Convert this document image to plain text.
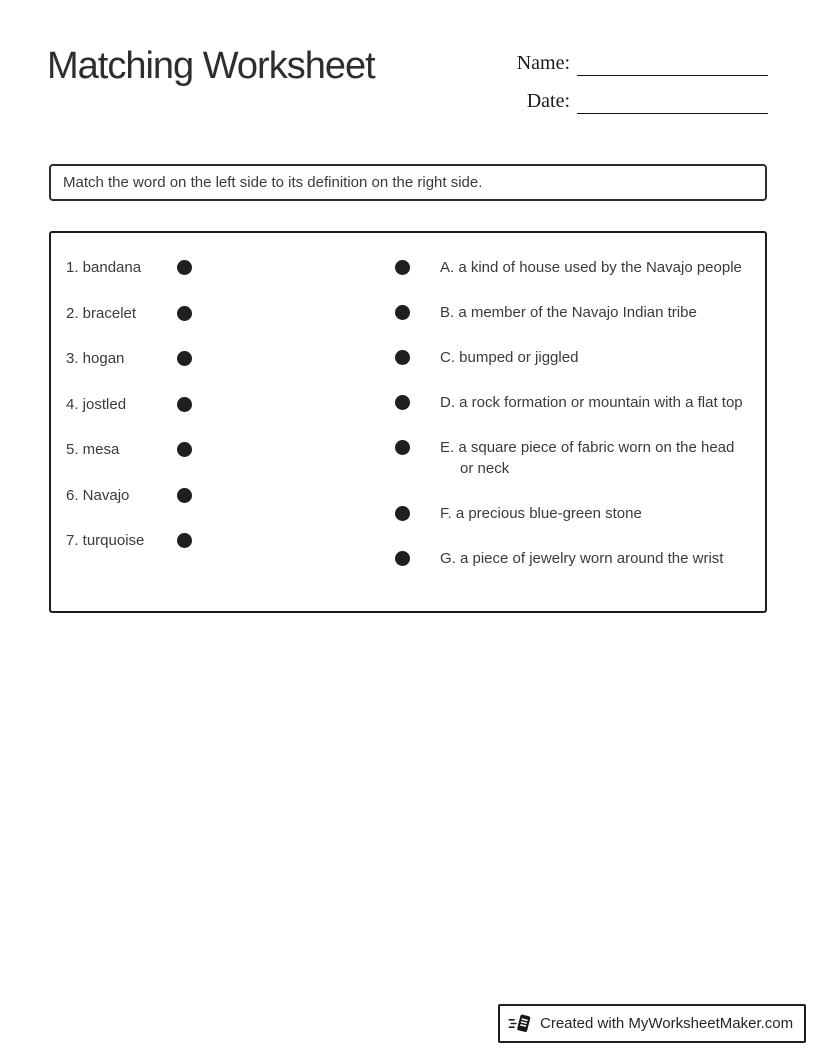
Matching Worksheet	Name:
Date:
Match the word on the left side to its definition on the right side.
1. bandana
2. bracelet
3. hogan
4. jostled
5. mesa
6. Navajo
7. turquoise
A. a kind of house used by the Navajo people
B. a member of the Navajo Indian tribe
C. bumped or jiggled
D. a rock formation or mountain with a flat top
E. a square piece of fabric worn on the head or neck
F. a precious blue-green stone
G. a piece of jewelry worn around the wrist
Created with MyWorksheetMaker.com
